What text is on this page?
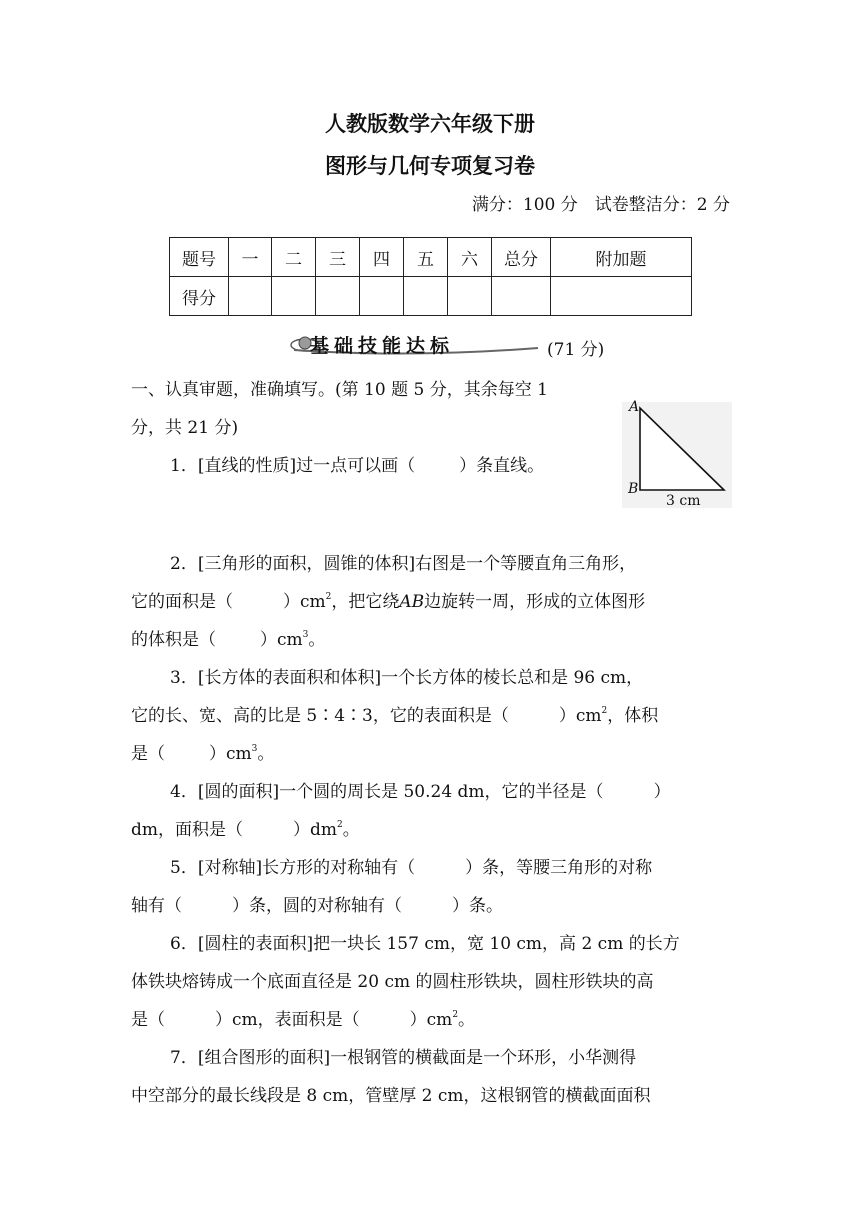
人教版数学六年级下册
图形与几何专项复习卷
满分：100 分　试卷整洁分：2 分
题号	一	二	三	四	五	六	总分	附加题
得分								
基础技能达标	(71 分)
一、认真审题，准确填写。(第 10 题 5 分，其余每空 1
分，共 21 分)
A
B
3 cm
1．[直线的性质]过一点可以画（	）条直线。
2．[三角形的面积，圆锥的体积]右图是一个等腰直角三角形，
它的面积是（	）$cm^2$，把它绕AB边旋转一周，形成的立体图形
的体积是（	）$cm^3$。
3．[长方体的表面积和体积]一个长方体的棱长总和是 96 cm，
它的长、宽、高的比是 5∶4∶3，它的表面积是（	）$cm^2$，体积
是（	）$cm^3$。
4．[圆的面积]一个圆的周长是 50.24 dm，它的半径是（	）
dm，面积是（	）$dm^2$。
5．[对称轴]长方形的对称轴有（	）条，等腰三角形的对称
轴有（	）条，圆的对称轴有（	）条。
6．[圆柱的表面积]把一块长 157 cm，宽 10 cm，高 2 cm 的长方
体铁块熔铸成一个底面直径是 20 cm 的圆柱形铁块，圆柱形铁块的高
是（	）cm，表面积是（	）$cm^2$。
7．[组合图形的面积]一根钢管的横截面是一个环形，小华测得
中空部分的最长线段是 8 cm，管壁厚 2 cm，这根钢管的横截面面积
